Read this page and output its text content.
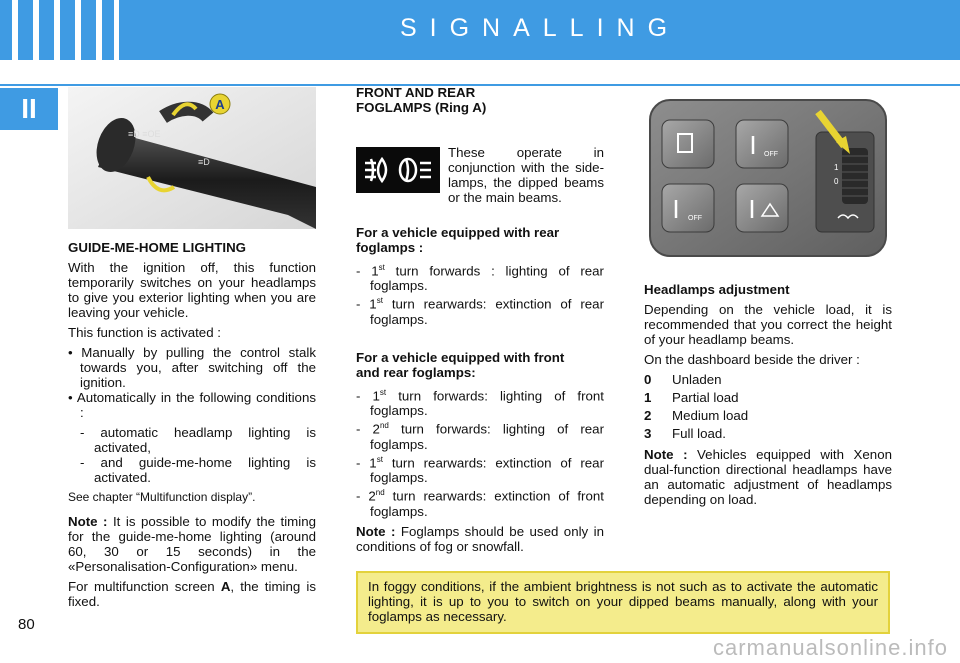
SIGNALLING
II
80
≡D ≡OE
≡D
A

GUIDE-ME-HOME LIGHTING

With the ignition off, this function temporarily switches on your headlamps to give you exterior lighting when you are leaving your vehicle.

This function is activated :

• Manually by pulling the control stalk towards you, after switching off the ignition.
• Automatically in the following conditions :
- automatic headlamp lighting is activated,
- and guide-me-home lighting is activated.

See chapter “Multifunction display”.

Note : It is possible to modify the timing for the guide-me-home lighting (around 60, 30 or 15 seconds) in the «Personalisation-Configuration» menu.

For multifunction screen A, the timing is fixed.

FRONT AND REAR FOGLAMPS (Ring A)

These operate in conjunction with the side-lamps, the dipped beams or the main beams.

For a vehicle equipped with rear foglamps :

- 1st turn forwards : lighting of rear foglamps.
- 1st turn rearwards: extinction of rear foglamps.

For a vehicle equipped with front and rear foglamps:

- 1st turn forwards: lighting of front foglamps.
- 2nd turn forwards: lighting of rear foglamps.
- 1st turn rearwards: extinction of rear foglamps.
- 2nd turn rearwards: extinction of front foglamps.

Note : Foglamps should be used only in conditions of fog or snowfall.

1
0
OFF
OFF

Headlamps adjustment

Depending on the vehicle load, it is recommended that you correct the height of your headlamp beams.

On the dashboard beside the driver :

0	Unladen
1	Partial load
2	Medium load
3	Full load.

Note : Vehicles equipped with Xenon dual-function directional headlamps have an automatic adjustment of headlamps depending on load.

In foggy conditions, if the ambient brightness is not such as to activate the automatic lighting, it is up to you to switch on your dipped beams manually, along with your foglamps as necessary.
carmanualsonline.info
